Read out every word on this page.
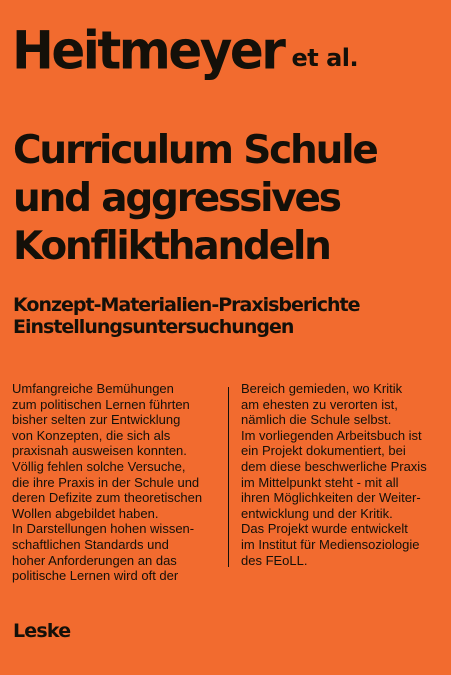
Heitmeyer et al.
Curriculum Schule
und aggressives
Konflikthandeln
Konzept-Materialien-Praxisberichte
Einstellungsuntersuchungen
Umfangreiche Bemühungen
zum politischen Lernen führten
bisher selten zur Entwicklung
von Konzepten, die sich als
praxisnah ausweisen konnten.
Völlig fehlen solche Versuche,
die ihre Praxis in der Schule und
deren Defizite zum theoretischen
Wollen abgebildet haben.
In Darstellungen hohen wissen-
schaftlichen Standards und
hoher Anforderungen an das
politische Lernen wird oft der
Bereich gemieden, wo Kritik
am ehesten zu verorten ist,
nämlich die Schule selbst.
Im vorliegenden Arbeitsbuch ist
ein Projekt dokumentiert, bei
dem diese beschwerliche Praxis
im Mittelpunkt steht - mit all
ihren Möglichkeiten der Weiter-
entwicklung und der Kritik.
Das Projekt wurde entwickelt
im Institut für Mediensoziologie
des FEoLL.
Leske
